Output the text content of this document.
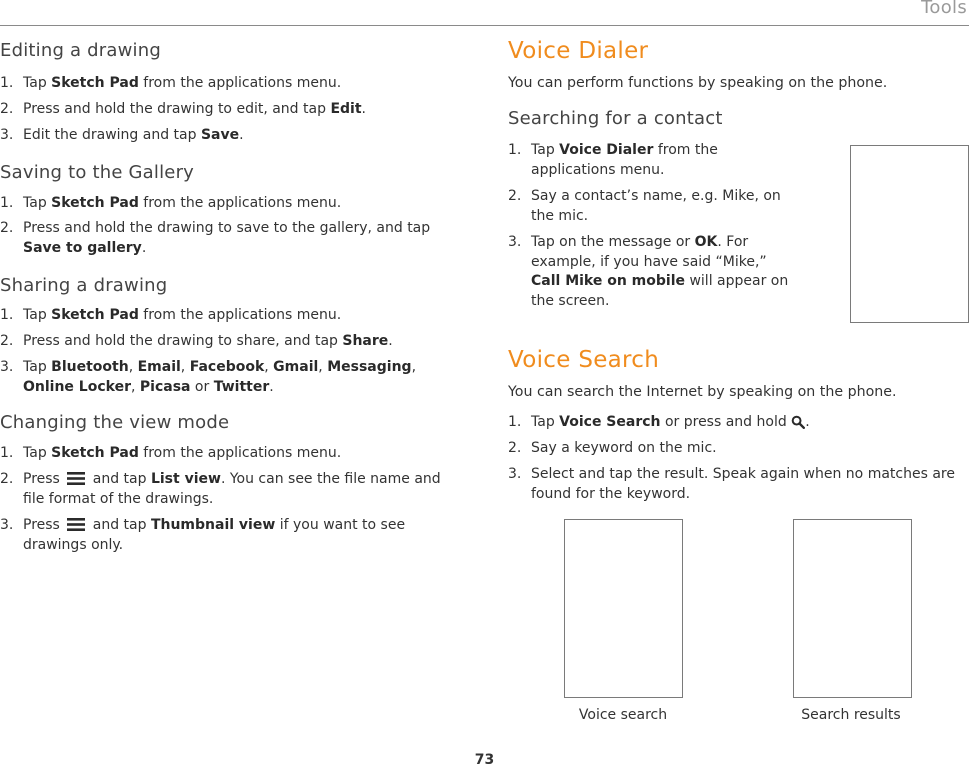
Tools
Editing a drawing
1. Tap Sketch Pad from the applications menu.
2. Press and hold the drawing to edit, and tap Edit.
3. Edit the drawing and tap Save.
Saving to the Gallery
1. Tap Sketch Pad from the applications menu.
2. Press and hold the drawing to save to the gallery, and tap Save to gallery.
Sharing a drawing
1. Tap Sketch Pad from the applications menu.
2. Press and hold the drawing to share, and tap Share.
3. Tap Bluetooth, Email, Facebook, Gmail, Messaging, Online Locker, Picasa or Twitter.
Changing the view mode
1. Tap Sketch Pad from the applications menu.
2. Press  and tap List view. You can see the file name and file format of the drawings.
3. Press  and tap Thumbnail view if you want to see drawings only.
Voice Dialer

You can perform functions by speaking on the phone.

Searching for a contact
1. Tap Voice Dialer from the applications menu.
2. Say a contact’s name, e.g. Mike, on the mic.
3. Tap on the message or OK. For example, if you have said “Mike,” Call Mike on mobile will appear on the screen.
Voice Search

You can search the Internet by speaking on the phone.

1. Tap Voice Search or press and hold .
2. Say a keyword on the mic.
3. Select and tap the result. Speak again when no matches are found for the keyword.
Voice search	Search results
73
